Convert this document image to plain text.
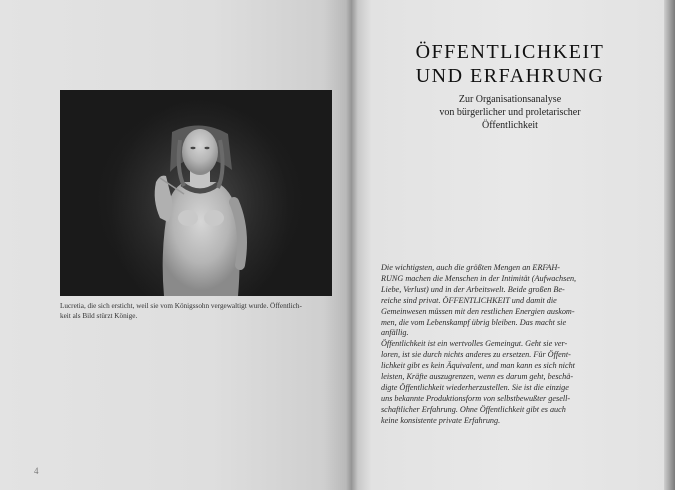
Lucretia, die sich ersticht, weil sie vom Königssohn vergewaltigt wurde. Öffentlich-
keit als Bild stürzt Könige.
4
ÖFFENTLICHKEIT
UND ERFAHRUNG
Zur Organisationsanalyse
von bürgerlicher und proletarischer
Öffentlichkeit
Die wichtigsten, auch die größten Mengen an ERFAH-
RUNG machen die Menschen in der Intimität (Aufwachsen,
Liebe, Verlust) und in der Arbeitswelt. Beide großen Be-
reiche sind privat. ÖFFENTLICHKEIT und damit die
Gemeinwesen müssen mit den restlichen Energien auskom-
men, die vom Lebenskampf übrig bleiben. Das macht sie
anfällig.
Öffentlichkeit ist ein wertvolles Gemeingut. Geht sie ver-
loren, ist sie durch nichts anderes zu ersetzen. Für Öffent-
lichkeit gibt es kein Äquivalent, und man kann es sich nicht
leisten, Kräfte auszugrenzen, wenn es darum geht, beschä-
digte Öffentlichkeit wiederherzustellen. Sie ist die einzige
uns bekannte Produktionsform von selbstbewußter gesell-
schaftlicher Erfahrung. Ohne Öffentlichkeit gibt es auch
keine konsistente private Erfahrung.
